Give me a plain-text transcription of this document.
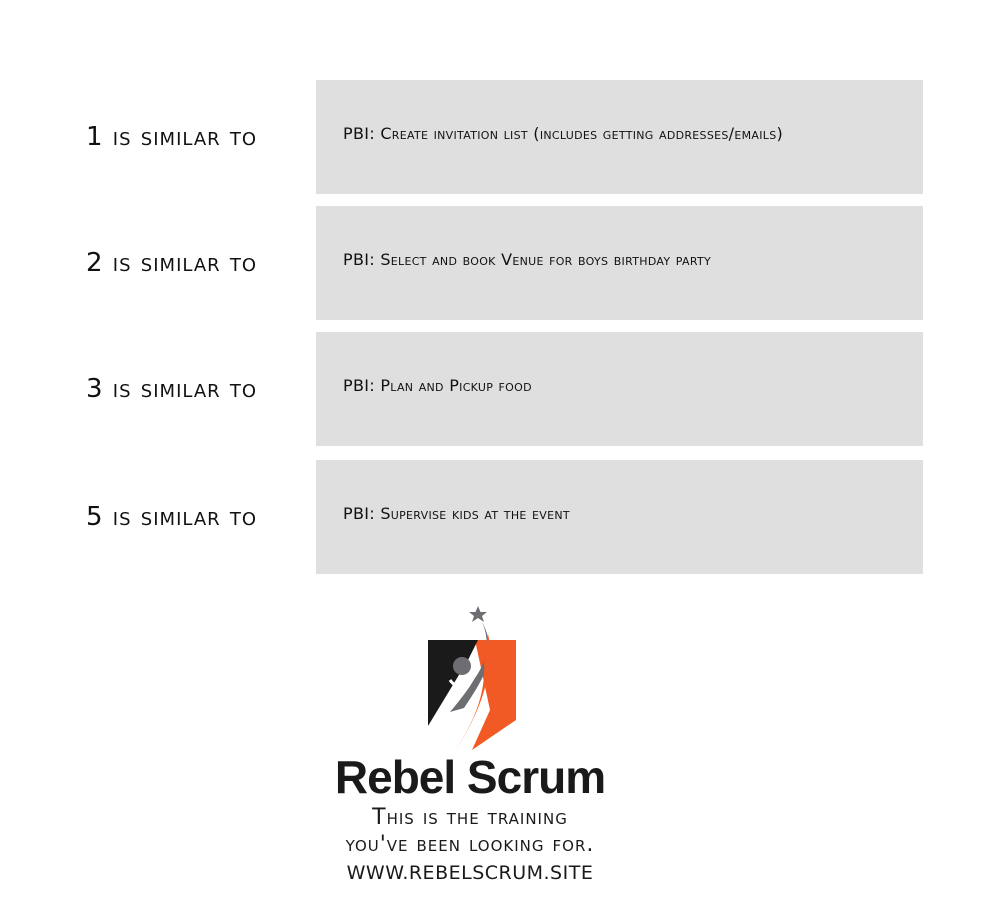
1 is similar to	PBI: Create invitation list (includes getting addresses/emails)
2 is similar to	PBI: Select and book Venue for boys birthday party
3 is similar to	PBI: Plan and Pickup food
5 is similar to	PBI: Supervise kids at the event
Rebel Scrum
This is the training
you've been looking for.
WWW.REBELSCRUM.SITE
